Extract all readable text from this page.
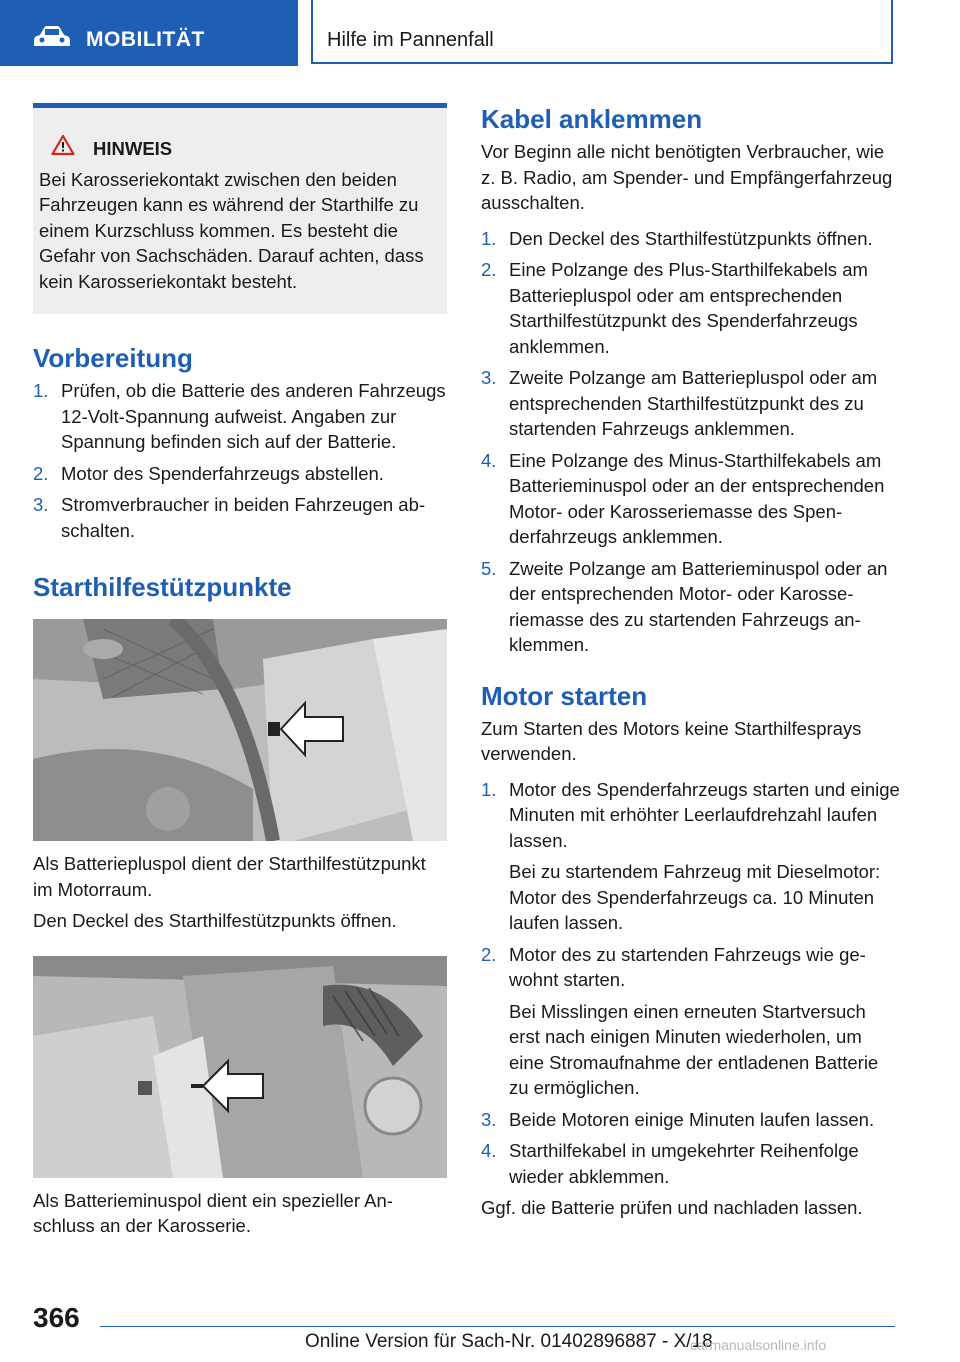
MOBILITÄT	Hilfe im Pannenfall
HINWEIS

Bei Karosseriekontakt zwischen den beiden Fahrzeugen kann es während der Starthilfe zu einem Kurzschluss kommen. Es besteht die Gefahr von Sachschäden. Darauf achten, dass kein Karosseriekontakt besteht.

Vorbereitung
1. Prüfen, ob die Batterie des anderen Fahrzeugs 12-Volt-Spannung aufweist. Angaben zur Spannung befinden sich auf der Batterie.
2. Motor des Spenderfahrzeugs abstellen.
3. Stromverbraucher in beiden Fahrzeugen abschalten.
Starthilfestützpunkte

Als Batteriepluspol dient der Starthilfestützpunkt im Motorraum.

Den Deckel des Starthilfestützpunkts öffnen.

Als Batterieminuspol dient ein spezieller Anschluss an der Karosserie.

Kabel anklemmen

Vor Beginn alle nicht benötigten Verbraucher, wie z. B. Radio, am Spender- und Empfängerfahrzeug ausschalten.

1. Den Deckel des Starthilfestützpunkts öffnen.
2. Eine Polzange des Plus-Starthilfekabels am Batteriepluspol oder am entsprechenden Starthilfestützpunkt des Spenderfahrzeugs anklemmen.
3. Zweite Polzange am Batteriepluspol oder am entsprechenden Starthilfestützpunkt des zu startenden Fahrzeugs anklemmen.
4. Eine Polzange des Minus-Starthilfekabels am Batterieminuspol oder an der entsprechenden Motor- oder Karosseriemasse des Spenderfahrzeugs anklemmen.
5. Zweite Polzange am Batterieminuspol oder an der entsprechenden Motor- oder Karosseriemasse des zu startenden Fahrzeugs anklemmen.
Motor starten

Zum Starten des Motors keine Starthilfesprays verwenden.

1. Motor des Spenderfahrzeugs starten und einige Minuten mit erhöhter Leerlaufdrehzahl laufen lassen.
Bei zu startendem Fahrzeug mit Dieselmotor: Motor des Spenderfahrzeugs ca. 10 Minuten laufen lassen.
2. Motor des zu startenden Fahrzeugs wie gewohnt starten.
Bei Misslingen einen erneuten Startversuch erst nach einigen Minuten wiederholen, um eine Stromaufnahme der entladenen Batterie zu ermöglichen.
3. Beide Motoren einige Minuten laufen lassen.
4. Starthilfekabel in umgekehrter Reihenfolge wieder abklemmen.

Ggf. die Batterie prüfen und nachladen lassen.

366
Online Version für Sach-Nr. 01402896887 - X/18
carmanualsonline.info
